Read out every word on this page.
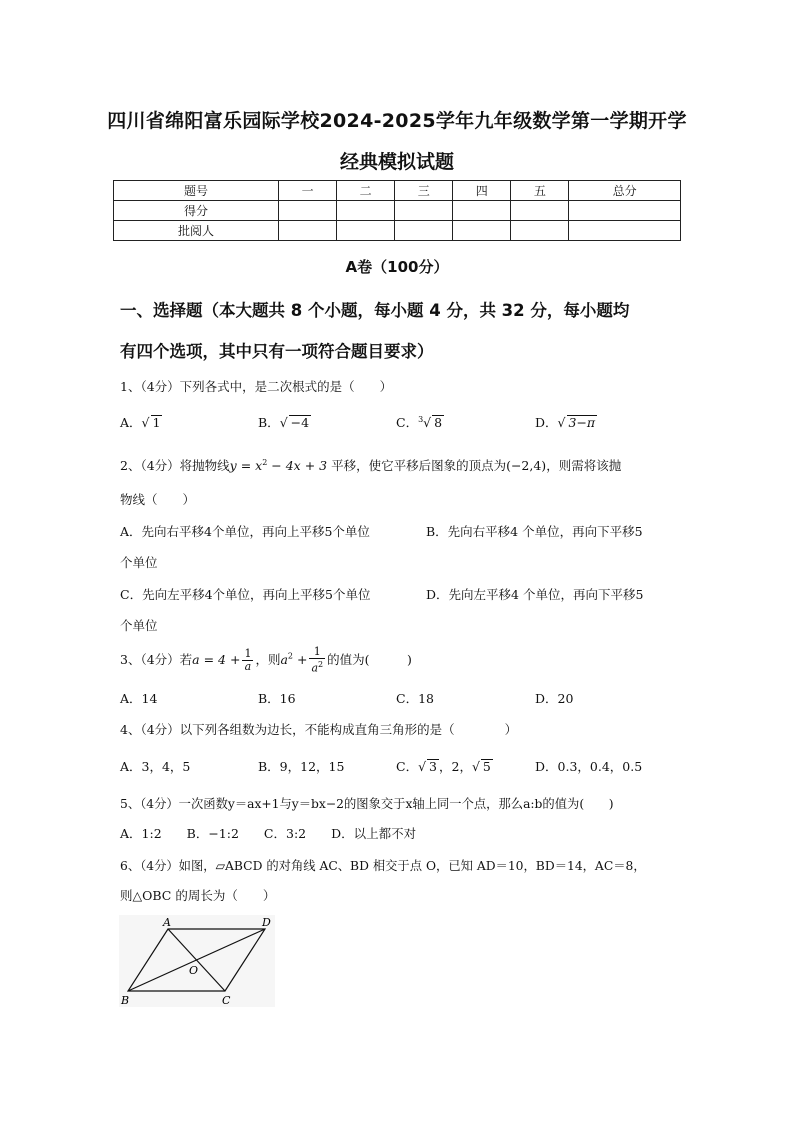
四川省绵阳富乐园际学校2024-2025学年九年级数学第一学期开学
经典模拟试题
题号	一	二	三	四	五	总分
得分						
批阅人						
A卷（100分）
一、选择题（本大题共 8 个小题，每小题 4 分，共 32 分，每小题均
有四个选项，其中只有一项符合题目要求）
1、（4分）下列各式中，是二次根式的是（　　）
A．√ 1	B．√ −4	C．$^3$√ 8	D．√ 3−π
2、（4分）将抛物线$y = x^2 - 4x + 3$ 平移，使它平移后图象的顶点为(−2,4)，则需将该抛
物线（　　）
A．先向右平移4个单位，再向上平移5个单位	B．先向右平移4 个单位，再向下平移5
个单位
C．先向左平移4个单位，再向上平移5个单位	D．先向左平移4 个单位，再向下平移5
个单位
3、（4分）若$a = 4 + \frac{1}{a}$ ，则$a^2 + \frac{1}{a^2}$ 的值为(　　　)
A．14	B．16	C．18	D．20
4、（4分）以下列各组数为边长，不能构成直角三角形的是（　　　　）
A．3，4，5	B．9，12，15	C．√ 3 ，2，√ 5	D．0.3，0.4，0.5
5、（4分）一次函数y＝ax+1与y＝bx−2的图象交于x轴上同一个点，那么a:b的值为(　　)
A．1:2　　B．−1:2　　C．3:2　　D．以上都不对
6、（4分）如图，▱ABCD 的对角线 AC、BD 相交于点 O，已知 AD＝10，BD＝14，AC＝8，
则△OBC 的周长为（　　）
A	D
B	C
O
